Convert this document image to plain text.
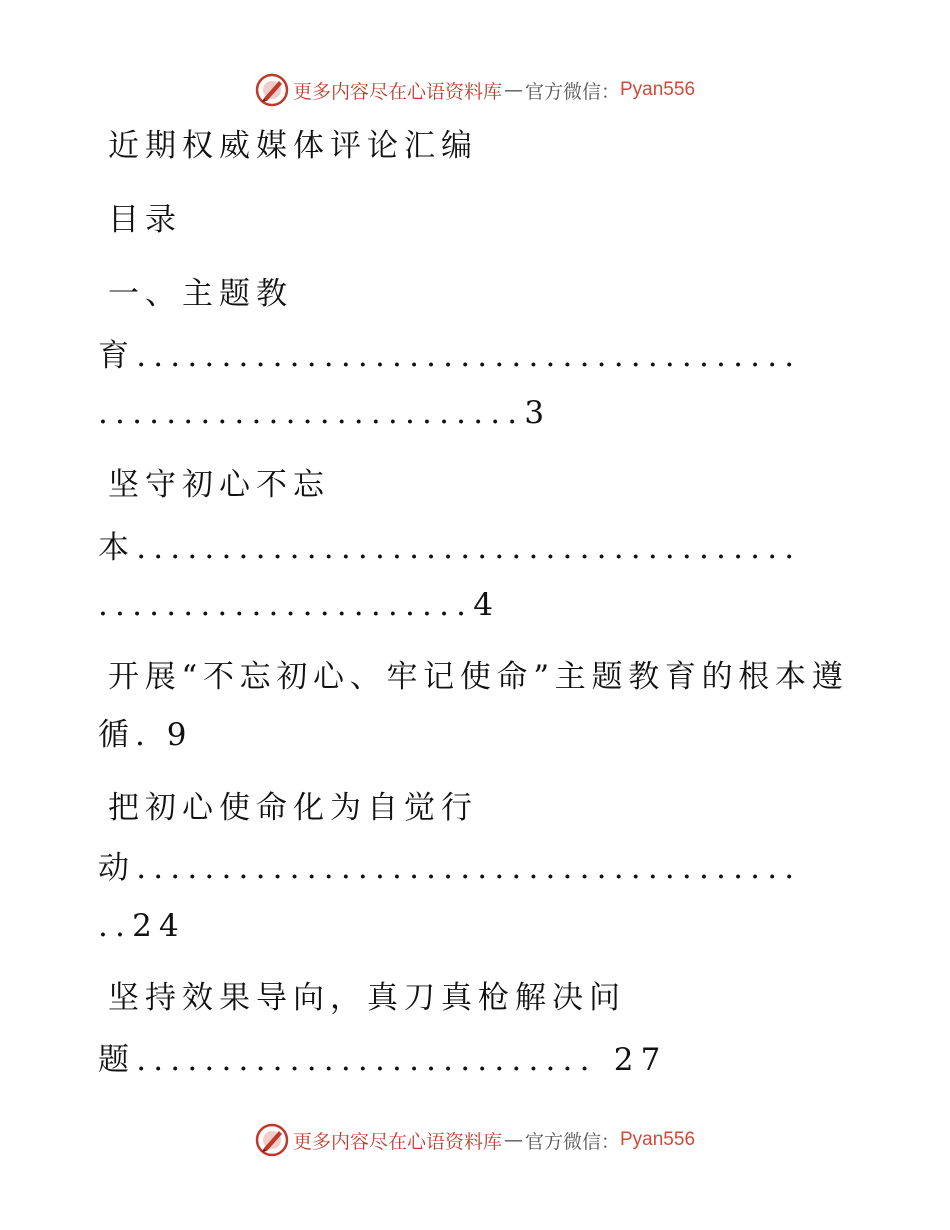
更多内容尽在心语资料库 — 官方微信： Pyan556
近期权威媒体评论汇编
目录
一、主题教
育.......................................
.........................3
坚守初心不忘
本.......................................
......................4
开展“不忘初心、牢记使命”主题教育的根本遵
循. 9
把初心使命化为自觉行
动.......................................
..24
坚持效果导向，真刀真枪解决问
题........................... 27
更多内容尽在心语资料库 — 官方微信： Pyan556
